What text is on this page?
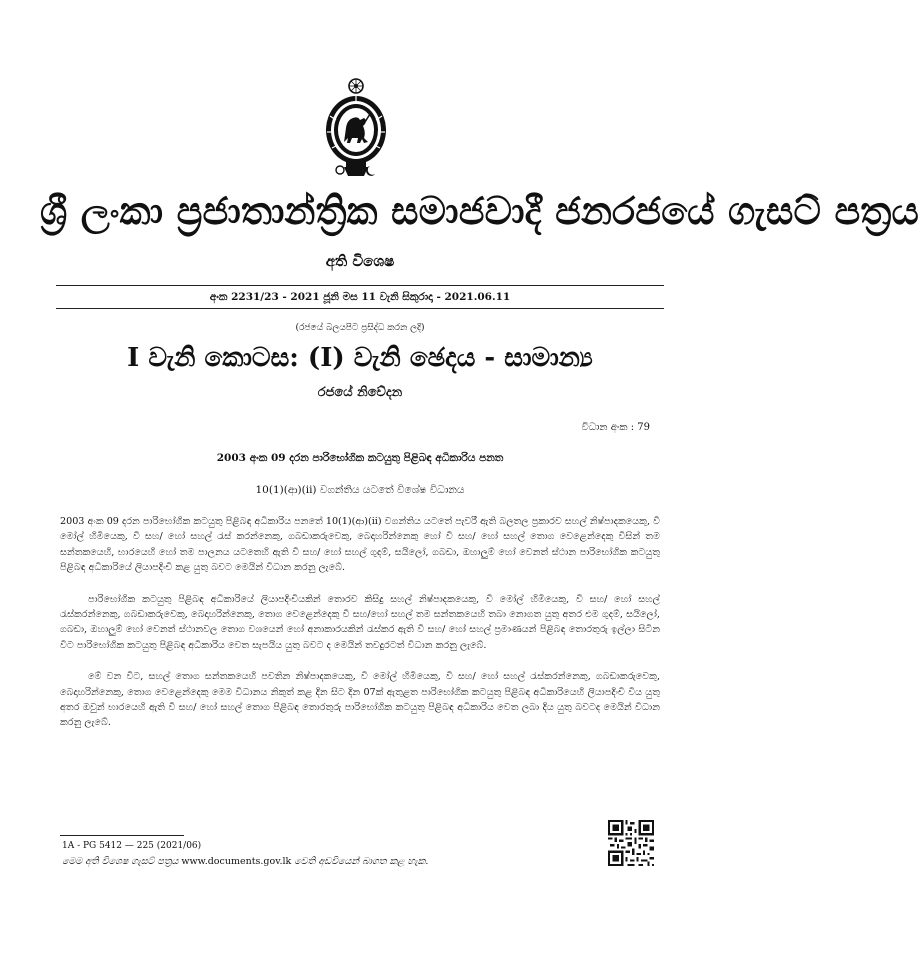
ශ්‍රී ලංකා ප්‍රජාතාන්ත්‍රික සමාජවාදී ජනරජයේ ගැසට් පත්‍රය
අති විශෙෂ
අංක 2231/23 - 2021 ජූනි මස 11 වැනි සිකුරාදා - 2021.06.11
(රජයේ බලයපිට ප්‍රසිද්ධ කරන ලදි)
I වැනි කොටස: (I) වැනි ඡෙදය - සාමාන්‍ය
රජයේ නිවේදන
විධාන අංක : 79
2003 අංක 09 දරන පාරිභෝගික කටයුතු පිළිබඳ අධිකාරිය පනත
10(1)(ආ)(ii) වගන්තිය යටතේ විශේෂ විධානය

2003 අංක 09 දරන පාරිභෝගික කටයුතු පිළිබඳ අධිකාරිය පනතේ 10(1)(ආ)(ii) වගන්තිය යටතේ පැවරී ඇති බලතල ප්‍රකාරව සහල් නිෂ්පාදකයෙකු, වී මෝල් හිමියෙකු, වී සහ/ හෝ සහල් රැස් කරන්නෙකු, ගබඩාකරුවෙකු, බෙදාහරින්නෙකු හෝ වී සහ/ හෝ සහල් තොග වෙළෙන්දෙකු විසින් තම සන්තකයෙහි, භාරයෙහි හෝ තම පාලනය යටතෙහි ඇති වී සහ/ හෝ සහල් ගුදම්, සයිලෝ, ගබඩා, ඔහාලුම් හෝ වෙනත් ස්ථාන පාරිභෝගික කටයුතු පිළිබඳ අධිකාරියේ ලියාපදිංචි කළ යුතු බවට මෙයින් විධාන කරනු ලැබේ.

පාරිභෝගික කටයුතු පිළිබඳ අධිකාරියේ ලියාපදිංචියකින් තොරව කිසිදු සහල් නිෂ්පාදකයෙකු, වී මෝල් හිමියෙකු, වී සහ/ හෝ සහල් රැස්කරන්නෙකු, ගබඩාකරුවෙකු, බෙදාහරින්නෙකු, තොග වෙළෙන්දෙකු වී සහ/හෝ සහල් තම සන්තකයෙහි තබා නොගත යුතු අතර එම ගුදම්, සයිලෝ, ගබඩා, ඔහාලුම් හෝ වෙනත් ස්ථානවල තොග වශයෙන් හෝ අනාකාරයකින් රැස්කර ඇති වී සහ/ හෝ සහල් ප්‍රමාණයන් පිළිබඳ තොරතුරු ඉල්ලා සිටින විට පාරිභෝගික කටයුතු පිළිබඳ අධිකාරිය වෙත සැපයිය යුතු බවට ද මෙයින් තවදුරටත් විධාන කරනු ලැබේ.

මේ වන විට, සහල් තොග සන්තකයෙහි පවතින නිෂ්පාදකයෙකු, වී මෝල් හිමියෙකු, වී සහ/ හෝ සහල් රැස්කරන්නෙකු, ගබඩාකරුවෙකු, බෙදාහරින්නෙකු, තොග වෙළෙන්දෙකු මෙම විධානය නිකුත් කළ දින සිට දින 07ක් ඇතුළත පාරිභෝගික කටයුතු පිළිබඳ අධිකාරියෙහි ලියාපදිංචි විය යුතු අතර ඔවුන් භාරයෙහි ඇති වී සහ/ හෝ සහල් තොග පිළිබඳ තොරතුරු පාරිභෝගික කටයුතු පිළිබඳ අධිකාරිය වෙත ලබා දිය යුතු බවටද මෙයින් විධාන කරනු ලැබේ.

1A - PG 5412 — 225 (2021/06)
මෙම අති විශෙෂ ගැසට් පත්‍රය www.documents.gov.lk වෙති අඩවියෙන් බාගත කළ හැක.
